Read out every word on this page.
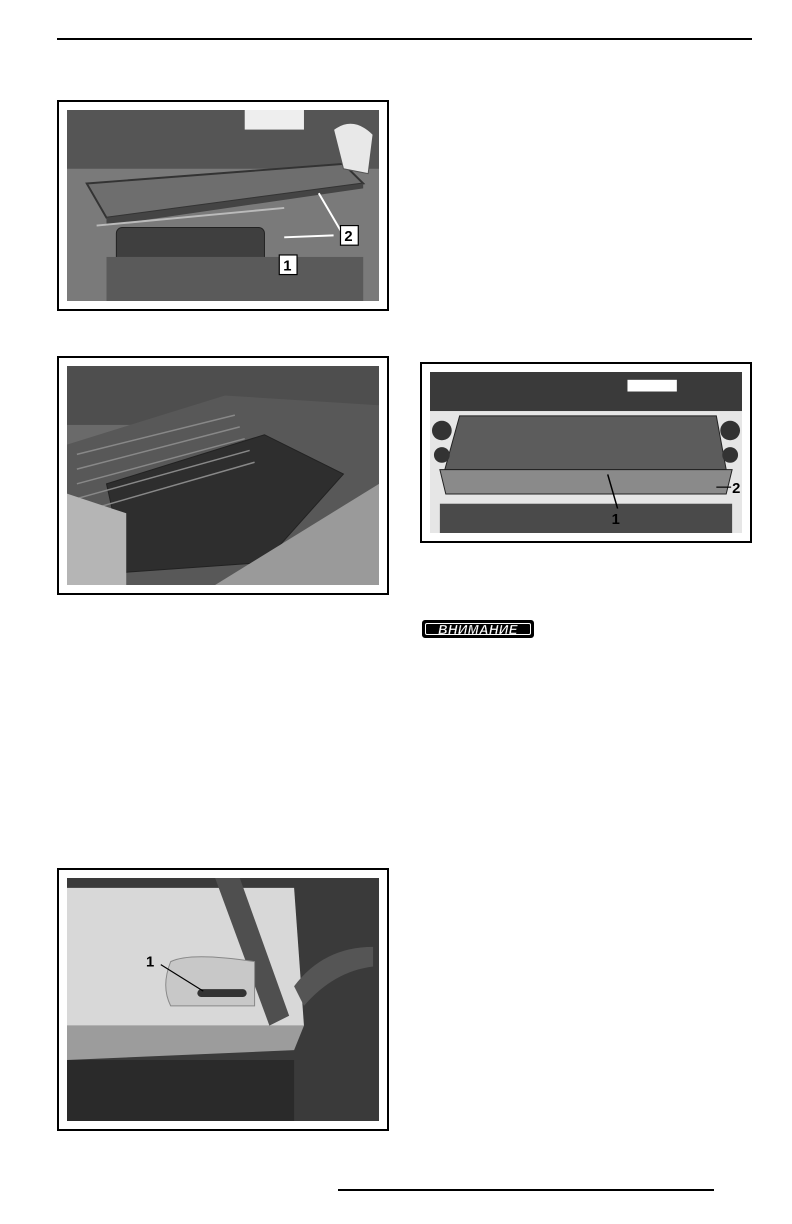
1
2
1
2
ВНИМАНИЕ
1
